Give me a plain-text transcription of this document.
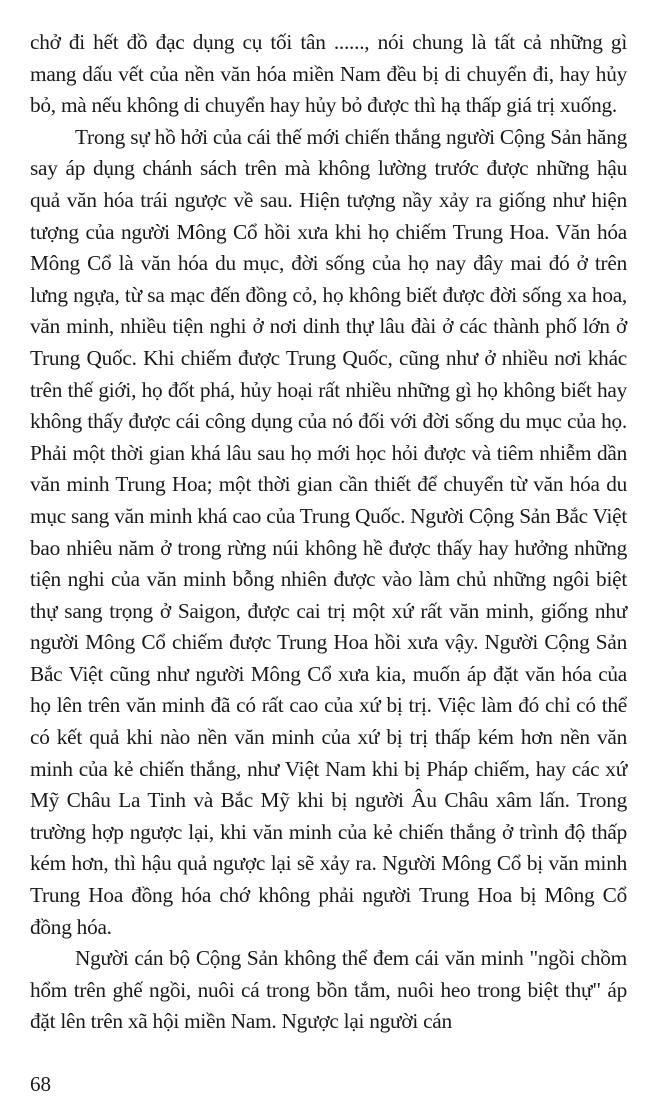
chở đi hết đồ đạc dụng cụ tối tân ......, nói chung là tất cả những gì mang dấu vết của nền văn hóa miền Nam đều bị di chuyển đi, hay hủy bỏ, mà nếu không di chuyển hay hủy bỏ được thì hạ thấp giá trị xuống.

Trong sự hồ hởi của cái thế mới chiến thắng người Cộng Sản hăng say áp dụng chánh sách trên mà không lường trước được những hậu quả văn hóa trái ngược về sau. Hiện tượng nầy xảy ra giống như hiện tượng của người Mông Cổ hồi xưa khi họ chiếm Trung Hoa. Văn hóa Mông Cổ là văn hóa du mục, đời sống của họ nay đây mai đó ở trên lưng ngựa, từ sa mạc đến đồng cỏ, họ không biết được đời sống xa hoa, văn minh, nhiều tiện nghi ở nơi dinh thự lâu đài ở các thành phố lớn ở Trung Quốc. Khi chiếm được Trung Quốc, cũng như ở nhiều nơi khác trên thế giới, họ đốt phá, hủy hoại rất nhiều những gì họ không biết hay không thấy được cái công dụng của nó đối với đời sống du mục của họ. Phải một thời gian khá lâu sau họ mới học hỏi được và tiêm nhiễm dần văn minh Trung Hoa; một thời gian cần thiết để chuyển từ văn hóa du mục sang văn minh khá cao của Trung Quốc. Người Cộng Sản Bắc Việt bao nhiêu năm ở trong rừng núi không hề được thấy hay hưởng những tiện nghi của văn minh bỗng nhiên được vào làm chủ những ngôi biệt thự sang trọng ở Saigon, được cai trị một xứ rất văn minh, giống như người Mông Cổ chiếm được Trung Hoa hồi xưa vậy. Người Cộng Sản Bắc Việt cũng như người Mông Cổ xưa kia, muốn áp đặt văn hóa của họ lên trên văn minh đã có rất cao của xứ bị trị. Việc làm đó chỉ có thể có kết quả khi nào nền văn minh của xứ bị trị thấp kém hơn nền văn minh của kẻ chiến thắng, như Việt Nam khi bị Pháp chiếm, hay các xứ Mỹ Châu La Tinh và Bắc Mỹ khi bị người Âu Châu xâm lấn. Trong trường hợp ngược lại, khi văn minh của kẻ chiến thắng ở trình độ thấp kém hơn, thì hậu quả ngược lại sẽ xảy ra. Người Mông Cổ bị văn minh Trung Hoa đồng hóa chớ không phải người Trung Hoa bị Mông Cổ đồng hóa.

Người cán bộ Cộng Sản không thể đem cái văn minh "ngồi chồm hổm trên ghế ngồi, nuôi cá trong bồn tắm, nuôi heo trong biệt thự" áp đặt lên trên xã hội miền Nam. Ngược lại người cán

68
